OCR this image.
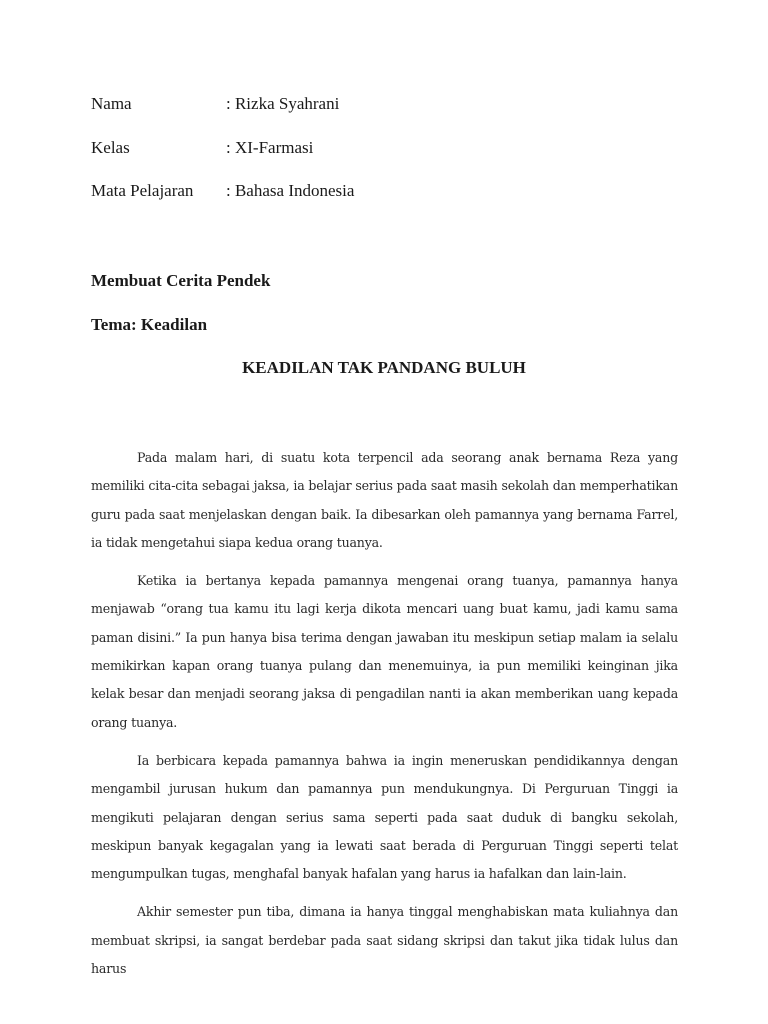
Nama	: Rizka Syahrani
Kelas	: XI-Farmasi
Mata Pelajaran : Bahasa Indonesia
Membuat Cerita Pendek
Tema: Keadilan
KEADILAN TAK PANDANG BULUH

Pada malam hari, di suatu kota terpencil ada seorang anak bernama Reza yang memiliki cita-cita sebagai jaksa, ia belajar serius pada saat masih sekolah dan memperhatikan guru pada saat menjelaskan dengan baik. Ia dibesarkan oleh pamannya yang bernama Farrel, ia tidak mengetahui siapa kedua orang tuanya.

Ketika ia bertanya kepada pamannya mengenai orang tuanya, pamannya hanya menjawab “orang tua kamu itu lagi kerja dikota mencari uang buat kamu, jadi kamu sama paman disini.” Ia pun hanya bisa terima dengan jawaban itu meskipun setiap malam ia selalu memikirkan kapan orang tuanya pulang dan menemuinya, ia pun memiliki keinginan jika kelak besar dan menjadi seorang jaksa di pengadilan nanti ia akan memberikan uang kepada orang tuanya.

Ia berbicara kepada pamannya bahwa ia ingin meneruskan pendidikannya dengan mengambil jurusan hukum dan pamannya pun mendukungnya. Di Perguruan Tinggi ia mengikuti pelajaran dengan serius sama seperti pada saat duduk di bangku sekolah, meskipun banyak kegagalan yang ia lewati saat berada di Perguruan Tinggi seperti telat mengumpulkan tugas, menghafal banyak hafalan yang harus ia hafalkan dan lain-lain.

Akhir semester pun tiba, dimana ia hanya tinggal menghabiskan mata kuliahnya dan membuat skripsi, ia sangat berdebar pada saat sidang skripsi dan takut jika tidak lulus dan harus
